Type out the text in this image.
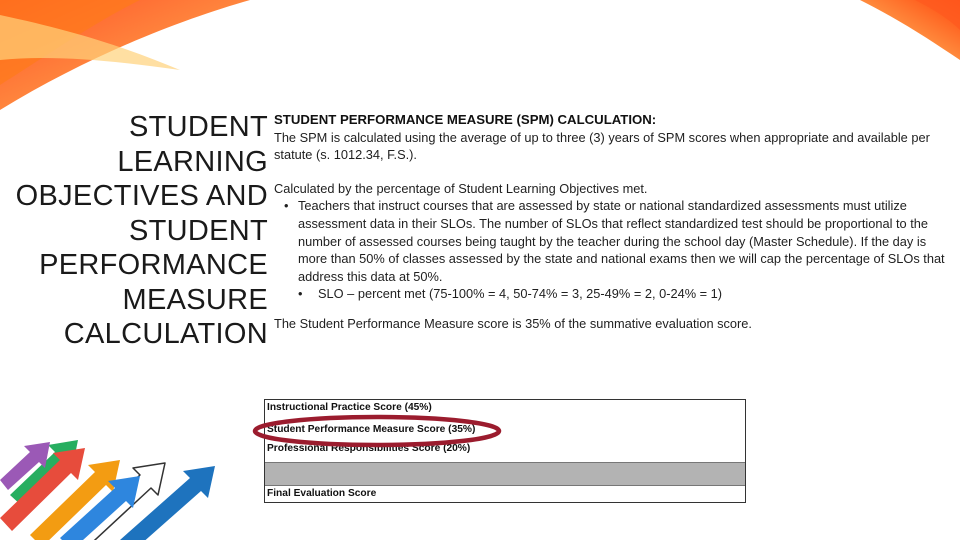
STUDENT
LEARNING
OBJECTIVES AND
STUDENT
PERFORMANCE
MEASURE
CALCULATION

STUDENT PERFORMANCE MEASURE (SPM) CALCULATION:

The SPM is calculated using the average of up to three (3) years of SPM scores when appropriate and available per statute (s. 1012.34, F.S.).

Calculated by the percentage of Student Learning Objectives met.

• Teachers that instruct courses that are assessed by state or national standardized assessments must utilize assessment data in their SLOs. The number of SLOs that reflect standardized test should be proportional to the number of assessed courses being taught by the teacher during the school day (Master Schedule). If the day is more than 50% of classes assessed by the state and national exams then we will cap the percentage of SLOs that address this data at 50%.
• SLO – percent met (75-100% = 4, 50-74% = 3, 25-49% = 2, 0-24% = 1)

The Student Performance Measure score is 35% of the summative evaluation score.

Instructional Practice Score (45%)
Student Performance Measure Score (35%)
Professional Responsibilities Score (20%)
Final Evaluation Score
